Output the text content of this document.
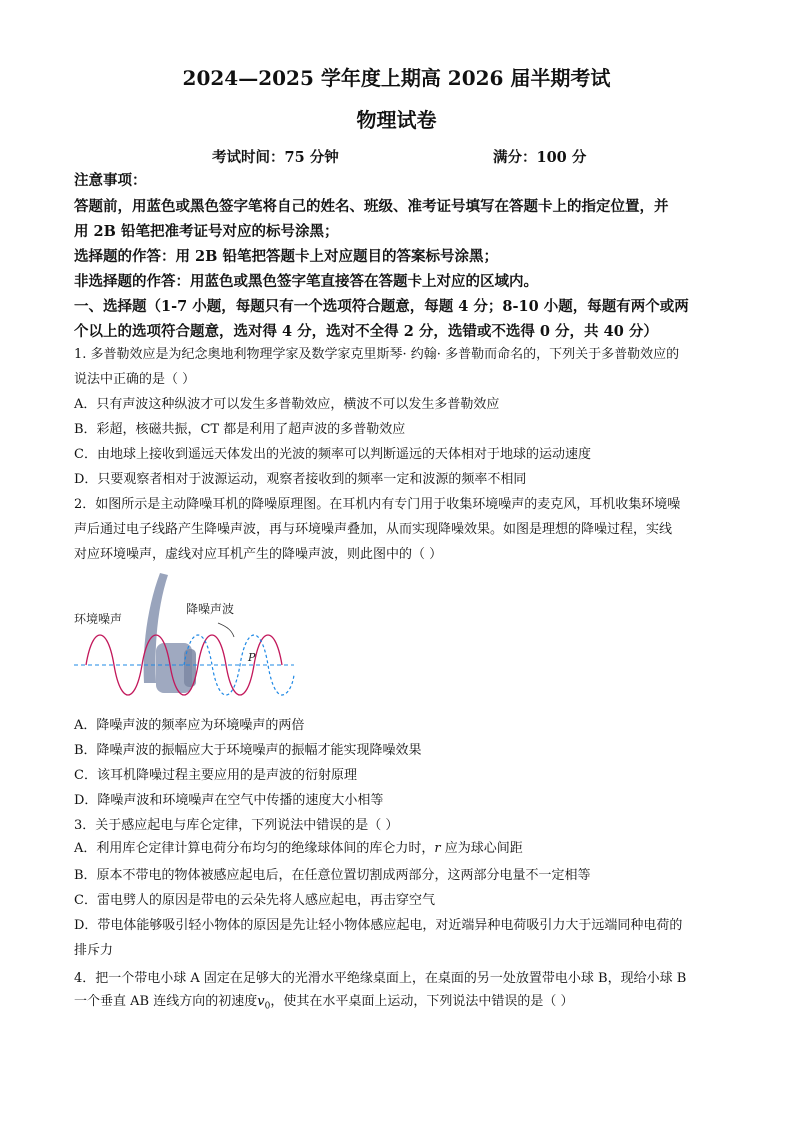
2024—2025 学年度上期高 2026 届半期考试
物理试卷
考试时间：75 分钟	满分：100 分
注意事项：
答题前，用蓝色或黑色签字笔将自己的姓名、班级、准考证号填写在答题卡上的指定位置，并
用 2B 铅笔把准考证号对应的标号涂黑；
选择题的作答：用 2B 铅笔把答题卡上对应题目的答案标号涂黑；
非选择题的作答：用蓝色或黑色签字笔直接答在答题卡上对应的区域内。
一、选择题（1-7 小题，每题只有一个选项符合题意，每题 4 分；8-10 小题，每题有两个或两
个以上的选项符合题意，选对得 4 分，选对不全得 2 分，选错或不选得 0 分，共 40 分）
1. 多普勒效应是为纪念奥地利物理学家及数学家克里斯琴· 约翰· 多普勒而命名的，下列关于多普勒效应的
说法中正确的是（ ）
A．只有声波这种纵波才可以发生多普勒效应，横波不可以发生多普勒效应
B．彩超，核磁共振，CT 都是利用了超声波的多普勒效应
C．由地球上接收到遥远天体发出的光波的频率可以判断遥远的天体相对于地球的运动速度
D．只要观察者相对于波源运动，观察者接收到的频率一定和波源的频率不相同
2．如图所示是主动降噪耳机的降噪原理图。在耳机内有专门用于收集环境噪声的麦克风，耳机收集环境噪
声后通过电子线路产生降噪声波，再与环境噪声叠加，从而实现降噪效果。如图是理想的降噪过程，实线
对应环境噪声，虚线对应耳机产生的降噪声波，则此图中的（ ）
环境噪声
降噪声波
P
A．降噪声波的频率应为环境噪声的两倍
B．降噪声波的振幅应大于环境噪声的振幅才能实现降噪效果
C．该耳机降噪过程主要应用的是声波的衍射原理
D．降噪声波和环境噪声在空气中传播的速度大小相等
3．关于感应起电与库仑定律，下列说法中错误的是（ ）
A．利用库仑定律计算电荷分布均匀的绝缘球体间的库仑力时，r 应为球心间距
B．原本不带电的物体被感应起电后，在任意位置切割成两部分，这两部分电量不一定相等
C．雷电劈人的原因是带电的云朵先将人感应起电，再击穿空气
D．带电体能够吸引轻小物体的原因是先让轻小物体感应起电，对近端异种电荷吸引力大于远端同种电荷的
排斥力
4．把一个带电小球 A 固定在足够大的光滑水平绝缘桌面上，在桌面的另一处放置带电小球 B，现给小球 B
一个垂直 AB 连线方向的初速度$v_0$，使其在水平桌面上运动，下列说法中错误的是（ ）
